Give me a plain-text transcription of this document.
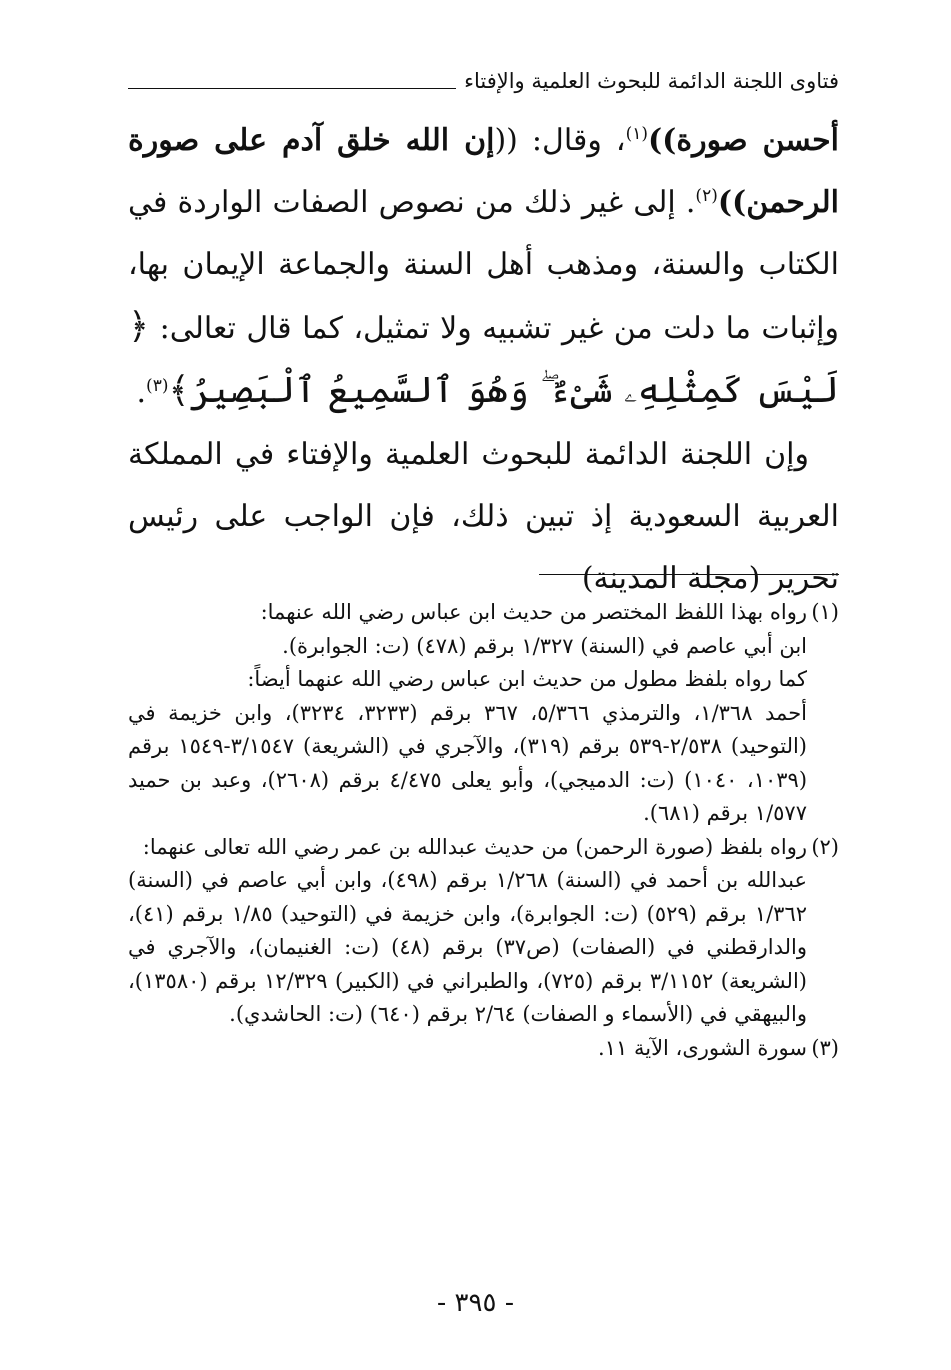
فتاوى اللجنة الدائمة للبحوث العلمية والإفتاء

أحسن صورة))$^{(١)}$، وقال: ((إن الله خلق آدم على صورة الرحمن))$^{(٢)}$. إلى غير ذلك من نصوص الصفات الواردة في الكتاب والسنة، ومذهب أهل السنة والجماعة الإيمان بها، وإثبات ما دلت من غير تشبيه ولا تمثيل، كما قال تعالى: ﴿ لَيْسَ كَمِثْلِهِۦ شَىْءٌ ۖ وَهُوَ ٱلسَّمِيعُ ٱلْبَصِيرُ﴾$^{(٣)}$.

وإن اللجنة الدائمة للبحوث العلمية والإفتاء في المملكة العربية السعودية إذ تبين ذلك، فإن الواجب على رئيس تحرير (مجلة المدينة)

(١)رواه بهذا اللفظ المختصر من حديث ابن عباس رضي الله عنهما:

ابن أبي عاصم في (السنة) ١/٣٢٧ برقم (٤٧٨) (ت: الجوابرة).

كما رواه بلفظ مطول من حديث ابن عباس رضي الله عنهما أيضاً:

أحمد ١/٣٦٨، والترمذي ٥/٣٦٦، ٣٦٧ برقم (٣٢٣٣، ٣٢٣٤)، وابن خزيمة في (التوحيد) ٢/٥٣٨-٥٣٩ برقم (٣١٩)، والآجري في (الشريعة) ٣/١٥٤٧-١٥٤٩ برقم (١٠٣٩، ١٠٤٠) (ت: الدميجي)، وأبو يعلى ٤/٤٧٥ برقم (٢٦٠٨)، وعبد بن حميد ١/٥٧٧ برقم (٦٨١).

(٢)رواه بلفظ (صورة الرحمن) من حديث عبدالله بن عمر رضي الله تعالى عنهما:

عبدالله بن أحمد في (السنة) ١/٢٦٨ برقم (٤٩٨)، وابن أبي عاصم في (السنة) ١/٣٦٢ برقم (٥٢٩) (ت: الجوابرة)، وابن خزيمة في (التوحيد) ١/٨٥ برقم (٤١)، والدارقطني في (الصفات) (ص٣٧) برقم (٤٨) (ت: الغنيمان)، والآجري في (الشريعة) ٣/١١٥٢ برقم (٧٢٥)، والطبراني في (الكبير) ١٢/٣٢٩ برقم (١٣٥٨٠)، والبيهقي في (الأسماء و الصفات) ٢/٦٤ برقم (٦٤٠) (ت: الحاشدي).

(٣)سورة الشورى، الآية ١١.

- ٣٩٥ -
